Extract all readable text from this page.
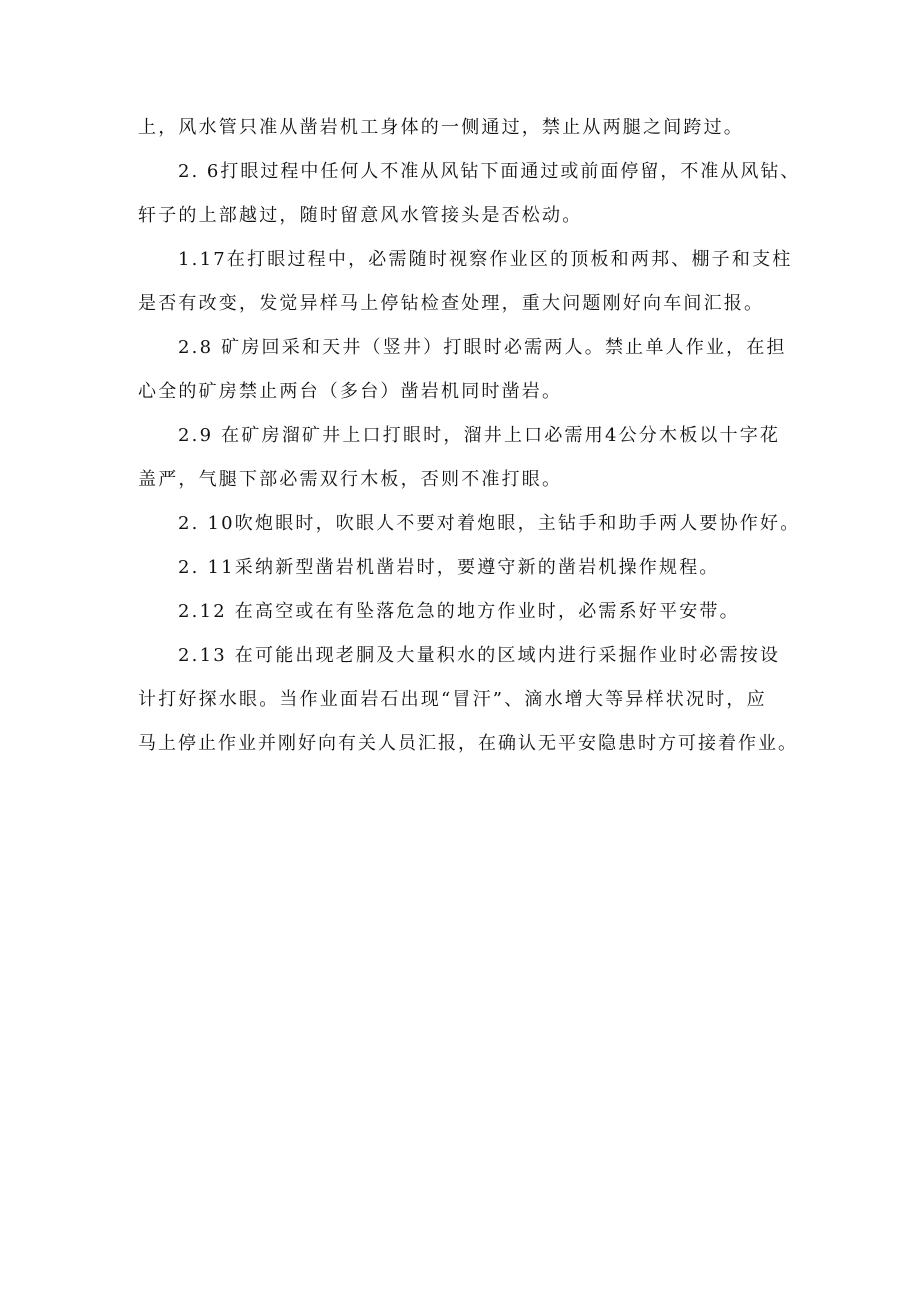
上，风水管只准从凿岩机工身体的一侧通过，禁止从两腿之间跨过。
2. 6打眼过程中任何人不准从风钻下面通过或前面停留，不准从风钻、
轩子的上部越过，随时留意风水管接头是否松动。
1.17在打眼过程中，必需随时视察作业区的顶板和两邦、棚子和支柱
是否有改变，发觉异样马上停钻检查处理，重大问题刚好向车间汇报。
2.8 矿房回采和天井（竖井）打眼时必需两人。禁止单人作业，在担
心全的矿房禁止两台（多台）凿岩机同时凿岩。
2.9 在矿房溜矿井上口打眼时，溜井上口必需用4公分木板以十字花
盖严，气腿下部必需双行木板，否则不准打眼。
2. 10吹炮眼时，吹眼人不要对着炮眼，主钻手和助手两人要协作好。
2. 11采纳新型凿岩机凿岩时，要遵守新的凿岩机操作规程。
2.12 在高空或在有坠落危急的地方作业时，必需系好平安带。
2.13 在可能出现老胴及大量积水的区域内进行采掘作业时必需按设
计打好探水眼。当作业面岩石出现“冒汗”、滴水增大等异样状况时，应
马上停止作业并刚好向有关人员汇报，在确认无平安隐患时方可接着作业。
